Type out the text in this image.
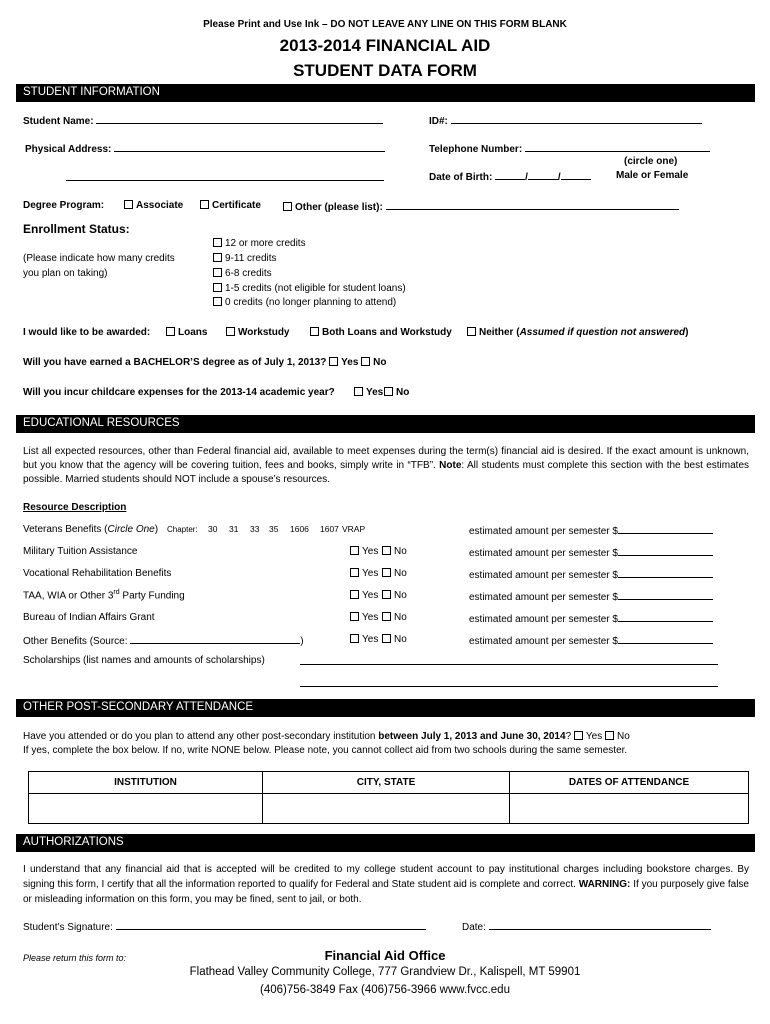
Please Print and Use Ink – DO NOT LEAVE ANY LINE ON THIS FORM BLANK
2013-2014 FINANCIAL AID
STUDENT DATA FORM
STUDENT INFORMATION
Student Name:	ID#:
Physical Address:	Telephone Number:
(circle one)
Date of Birth:	/	/	Male or Female
Degree Program:	Associate	Certificate	Other (please list):
Enrollment Status:
(Please indicate how many credits
you plan on taking)
12 or more credits
9-11 credits
6-8 credits
1-5 credits (not eligible for student loans)
0 credits (no longer planning to attend)
I would like to be awarded:	Loans	Workstudy	Both Loans and Workstudy	Neither (Assumed if question not answered)
Will you have earned a BACHELOR’S degree as of July 1, 2013? Yes No
Will you incur childcare expenses for the 2013-14 academic year?	Yes	No
EDUCATIONAL RESOURCES
List all expected resources, other than Federal financial aid, available to meet expenses during the term(s) financial aid is desired. If the exact amount is unknown, but you know that the agency will be covering tuition, fees and books, simply write in “TFB”. Note: All students must complete this section with the best estimates possible. Married students should NOT include a spouse’s resources.
Resource Description
Veterans Benefits (Circle One) Chapter: 30 31 33 35 1606 1607 VRAP	estimated amount per semester $
Military Tuition Assistance	Yes	No	estimated amount per semester $
Vocational Rehabilitation Benefits	Yes	No	estimated amount per semester $
TAA, WIA or Other 3rd Party Funding	Yes	No	estimated amount per semester $
Bureau of Indian Affairs Grant	Yes	No	estimated amount per semester $
Other Benefits (Source:	)	Yes	No	estimated amount per semester $
Scholarships (list names and amounts of scholarships)
OTHER POST-SECONDARY ATTENDANCE
Have you attended or do you plan to attend any other post-secondary institution between July 1, 2013 and June 30, 2014? Yes No
If yes, complete the box below. If no, write NONE below. Please note, you cannot collect aid from two schools during the same semester.
INSTITUTION	CITY, STATE	DATES OF ATTENDANCE

AUTHORIZATIONS
I understand that any financial aid that is accepted will be credited to my college student account to pay institutional charges including bookstore charges. By signing this form, I certify that all the information reported to qualify for Federal and State student aid is complete and correct. WARNING: If you purposely give false or misleading information on this form, you may be fined, sent to jail, or both.
Student’s Signature:	Date:
Please return this form to:	Financial Aid Office
Flathead Valley Community College, 777 Grandview Dr., Kalispell, MT 59901
(406)756-3849 Fax (406)756-3966 www.fvcc.edu
